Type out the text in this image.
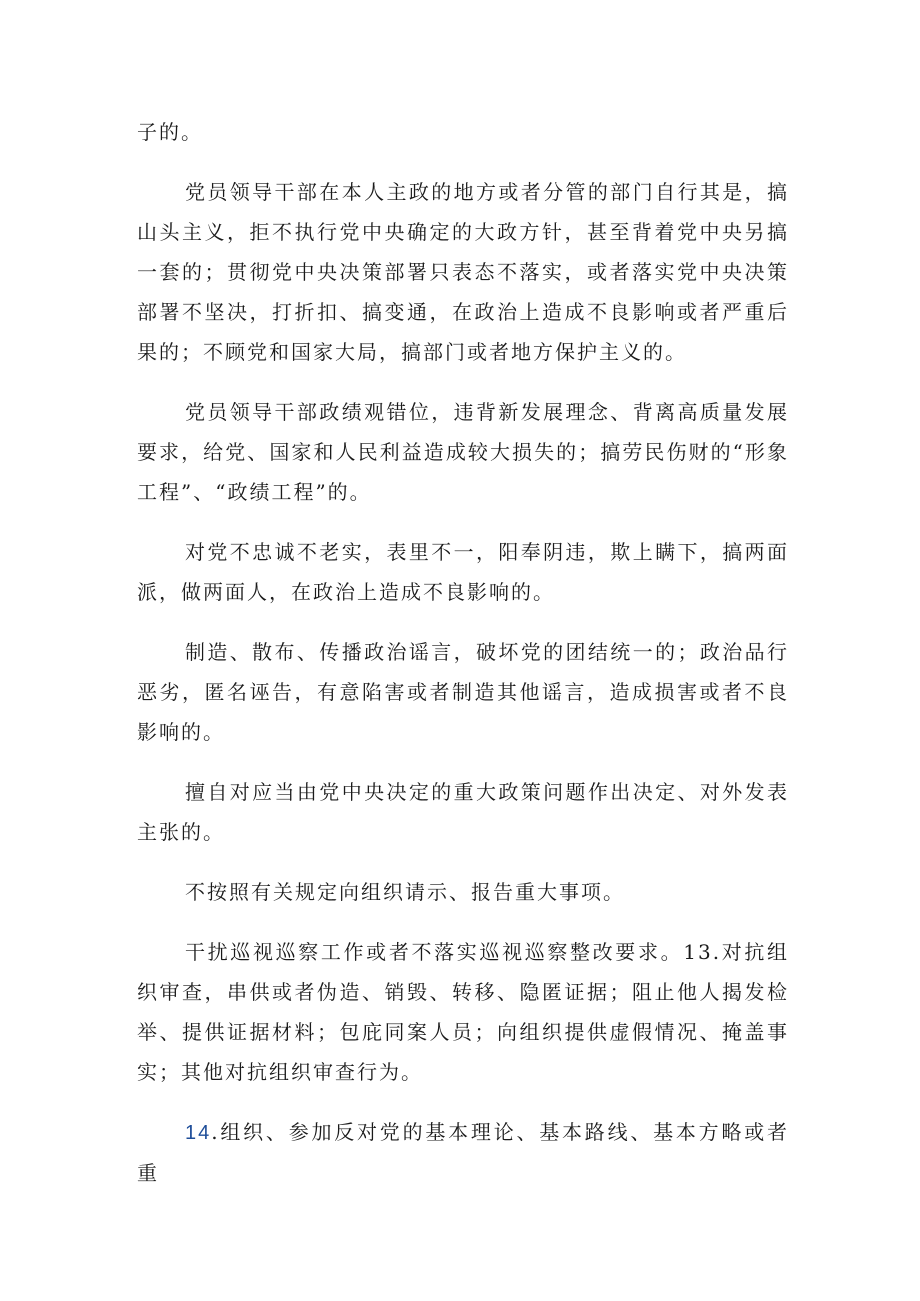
子的。

党员领导干部在本人主政的地方或者分管的部门自行其是，搞山头主义，拒不执行党中央确定的大政方针，甚至背着党中央另搞一套的；贯彻党中央决策部署只表态不落实，或者落实党中央决策部署不坚决，打折扣、搞变通，在政治上造成不良影响或者严重后果的；不顾党和国家大局，搞部门或者地方保护主义的。

党员领导干部政绩观错位，违背新发展理念、背离高质量发展要求，给党、国家和人民利益造成较大损失的；搞劳民伤财的“形象工程”、“政绩工程”的。

对党不忠诚不老实，表里不一，阳奉阴违，欺上瞒下，搞两面派，做两面人，在政治上造成不良影响的。

制造、散布、传播政治谣言，破坏党的团结统一的；政治品行恶劣，匿名诬告，有意陷害或者制造其他谣言，造成损害或者不良影响的。

擅自对应当由党中央决定的重大政策问题作出决定、对外发表主张的。

不按照有关规定向组织请示、报告重大事项。

干扰巡视巡察工作或者不落实巡视巡察整改要求。13.对抗组织审查，串供或者伪造、销毁、转移、隐匿证据；阻止他人揭发检举、提供证据材料；包庇同案人员；向组织提供虚假情况、掩盖事实；其他对抗组织审查行为。

14.组织、参加反对党的基本理论、基本路线、基本方略或者重
